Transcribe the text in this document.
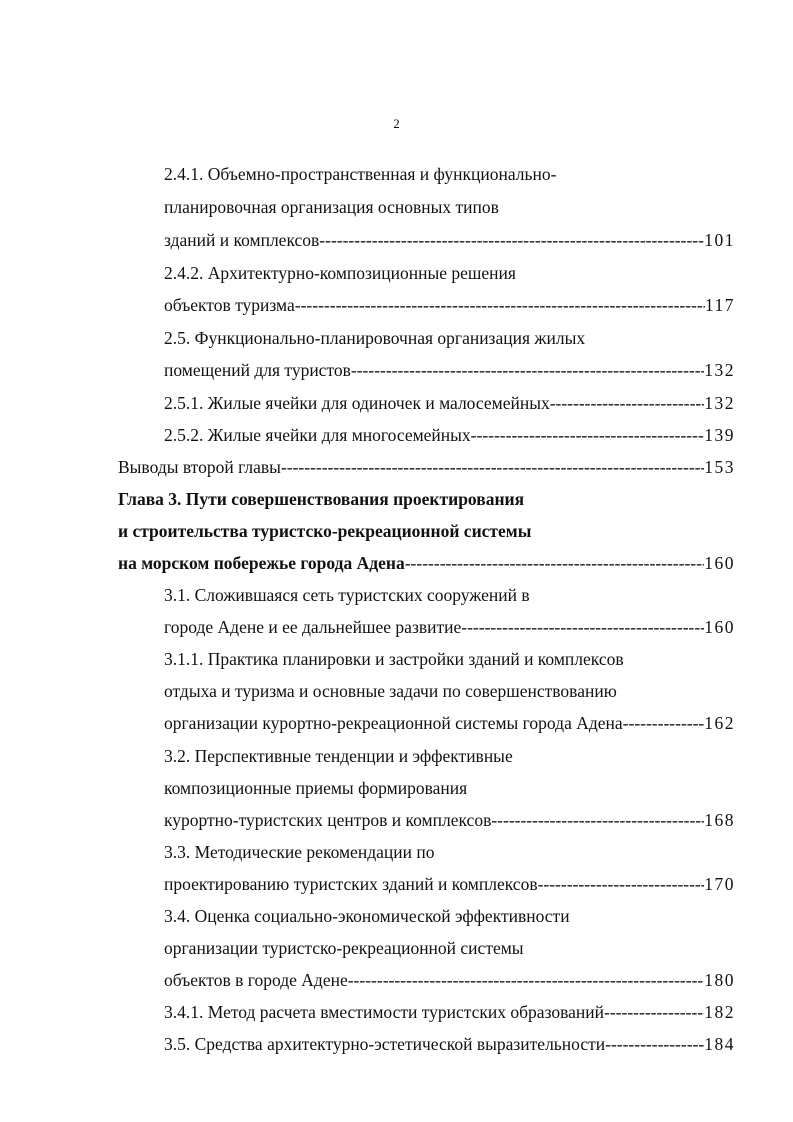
2
2.4.1. Объемно-пространственная и функционально-
планировочная организация основных типов
зданий и комплексов -----	101
2.4.2. Архитектурно-композиционные решения
объектов туризма -----	117
2.5. Функционально-планировочная организация жилых
помещений для туристов -----	132
2.5.1. Жилые ячейки для одиночек и малосемейных -----	132
2.5.2. Жилые ячейки для многосемейных -----	139
Выводы второй главы -----	153
Глава 3. Пути совершенствования проектирования
и строительства туристско-рекреационной системы
на морском побережье города Адена -----	160
3.1. Сложившаяся сеть туристских сооружений в
городе Адене и ее дальнейшее развитие -----	160
3.1.1. Практика планировки и застройки зданий и комплексов
отдыха и туризма и основные задачи по совершенствованию
организации курортно-рекреационной системы города Адена -----	162
3.2. Перспективные тенденции и эффективные
композиционные приемы формирования
курортно-туристских центров и комплексов -----	168
3.3. Методические рекомендации по
проектированию туристских зданий и комплексов -----	170
3.4. Оценка социально-экономической эффективности
организации туристско-рекреационной системы
объектов в городе Адене -----	180
3.4.1. Метод расчета вместимости туристских образований -----	182
3.5. Средства архитектурно-эстетической выразительности -----	184
